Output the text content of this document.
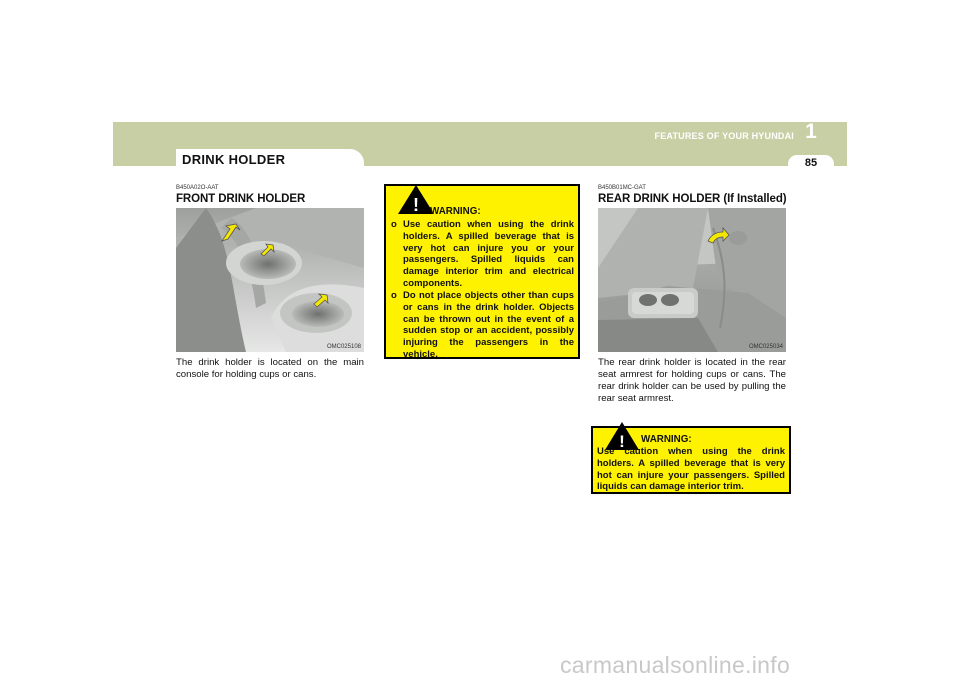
FEATURES OF YOUR HYUNDAI 1
85
DRINK HOLDER
B450A02O-AAT
FRONT DRINK HOLDER
OMC025108
The drink holder is located on the main console for holding cups or cans.
! WARNING:
o Use caution when using the drink holders. A spilled beverage that is very hot can injure you or your passengers. Spilled liquids can damage interior trim and electrical components.
o Do not place objects other than cups or cans in the drink holder. Objects can be thrown out in the event of a sudden stop or an accident, possibly injuring the passengers in the vehicle.
B450B01MC-GAT
REAR DRINK HOLDER (If Installed)
OMC025034
The rear drink holder is located in the rear seat armrest for holding cups or cans. The rear drink holder can be used by pulling the rear seat armrest.
! WARNING:
Use caution when using the drink holders. A spilled beverage that is very hot can injure your passengers. Spilled liquids can damage interior trim.
carmanualsonline.info
